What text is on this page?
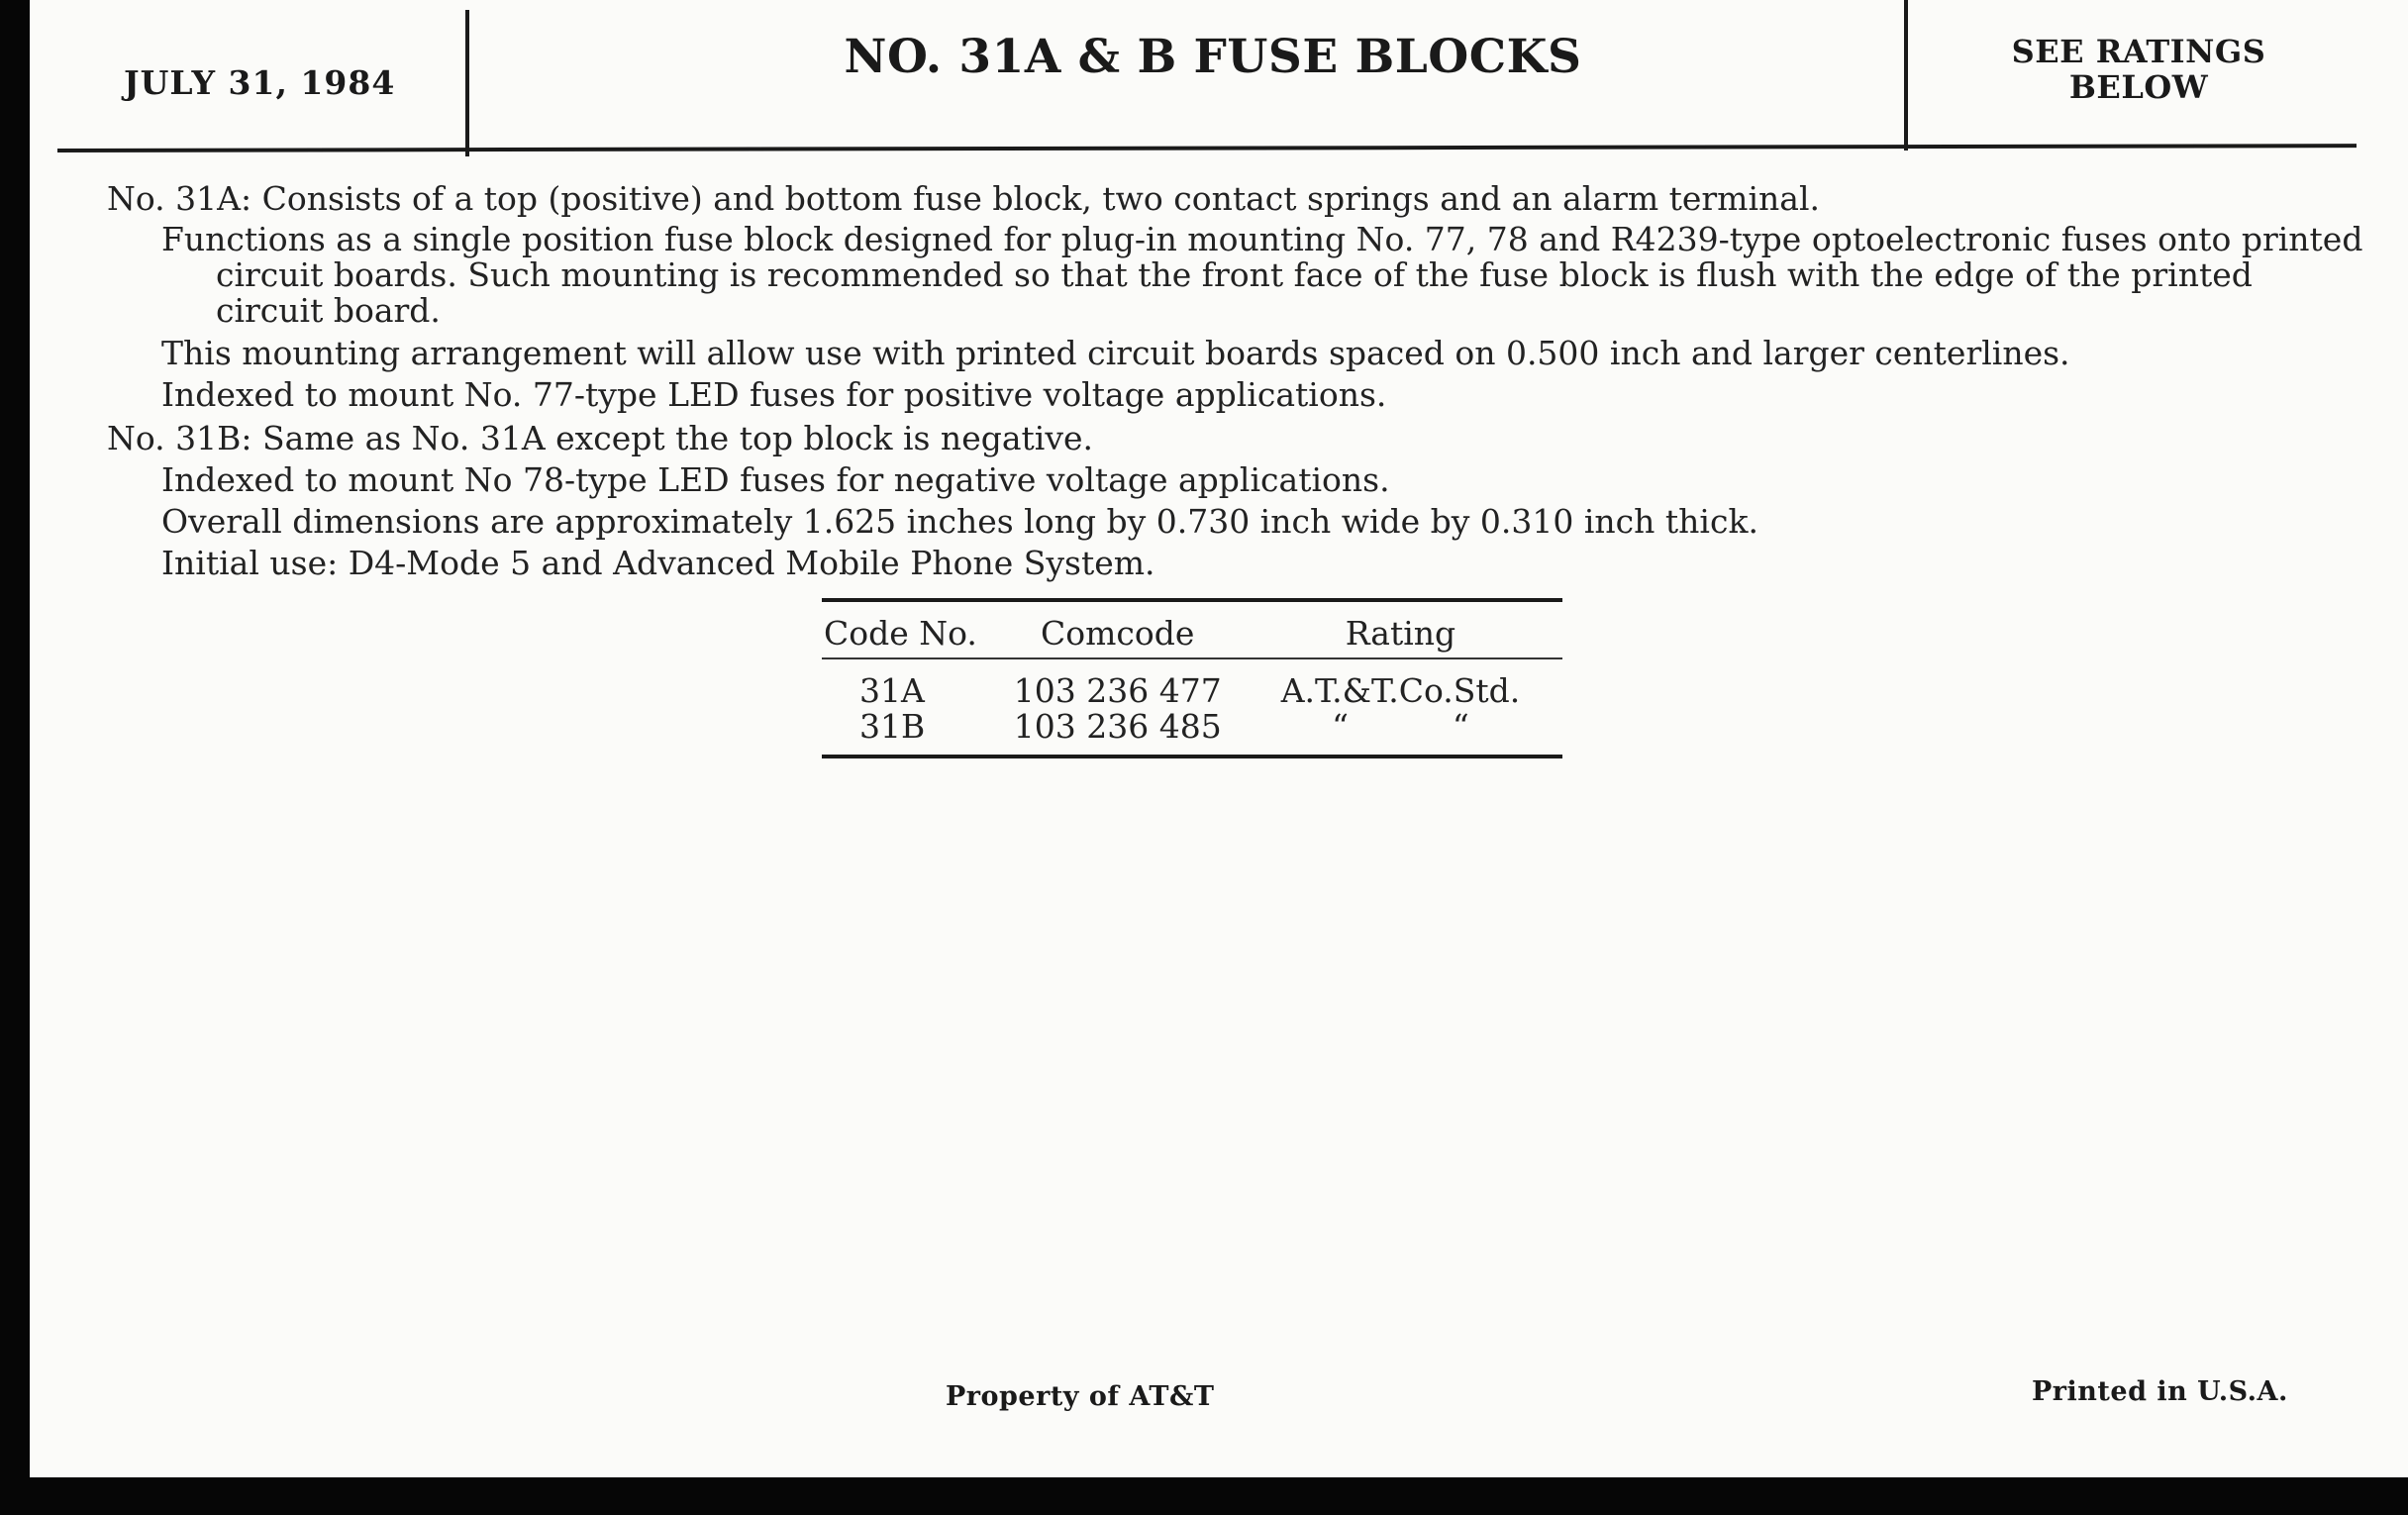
JULY 31, 1984	NO. 31A & B FUSE BLOCKS	SEE RATINGS
BELOW
No. 31A: Consists of a top (positive) and bottom fuse block, two contact springs and an alarm terminal.
Functions as a single position fuse block designed for plug-in mounting No. 77, 78 and R4239-type optoelectronic fuses onto printed circuit boards. Such mounting is recommended so that the front face of the fuse block is flush with the edge of the printed circuit board.
This mounting arrangement will allow use with printed circuit boards spaced on 0.500 inch and larger centerlines.
Indexed to mount No. 77-type LED fuses for positive voltage applications.
No. 31B: Same as No. 31A except the top block is negative.
Indexed to mount No 78-type LED fuses for negative voltage applications.
Overall dimensions are approximately 1.625 inches long by 0.730 inch wide by 0.310 inch thick.
Initial use: D4-Mode 5 and Advanced Mobile Phone System.
Code No.	Comcode	Rating
31A	103 236 477	A.T.&T.Co.Std.
31B	103 236 485	“          “
Property of AT&T	Printed in U.S.A.
